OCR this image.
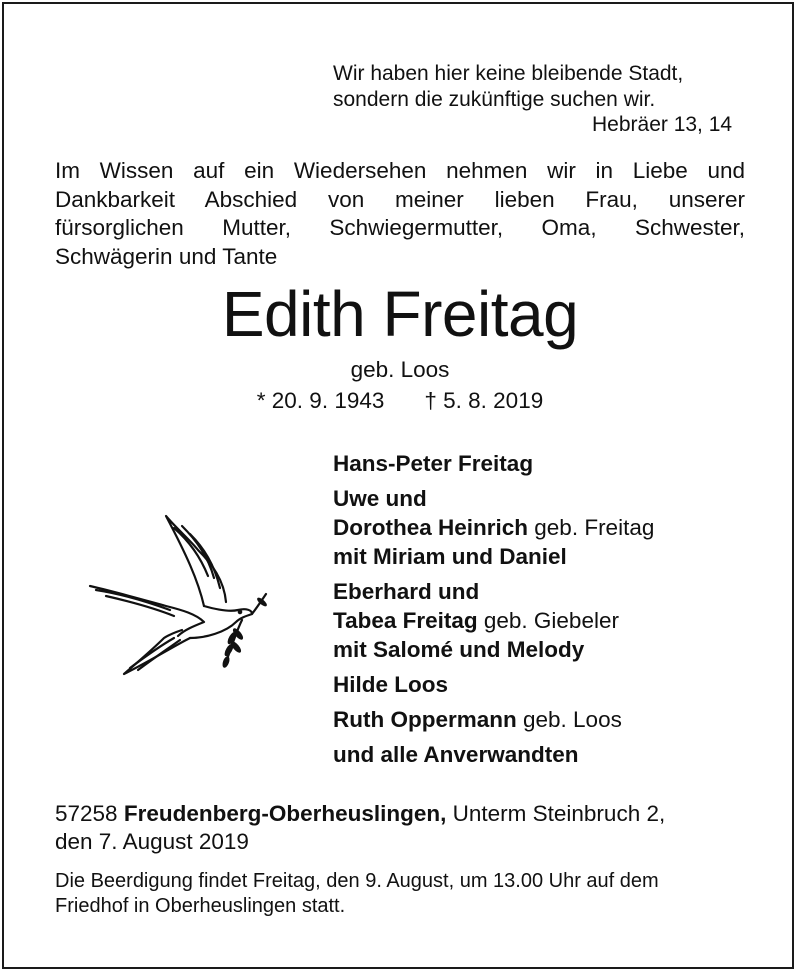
Wir haben hier keine bleibende Stadt,
sondern die zukünftige suchen wir.
Hebräer 13, 14
Im Wissen auf ein Wiedersehen nehmen wir in Liebe und
Dankbarkeit Abschied von meiner lieben Frau, unserer
fürsorglichen Mutter, Schwiegermutter, Oma, Schwester,
Schwägerin und Tante
Edith Freitag
geb. Loos
* 20. 9. 1943 † 5. 8. 2019
Hans-Peter Freitag
Uwe und
Dorothea Heinrich geb. Freitag
mit Miriam und Daniel
Eberhard und
Tabea Freitag geb. Giebeler
mit Salomé und Melody
Hilde Loos
Ruth Oppermann geb. Loos
und alle Anverwandten
57258 Freudenberg-Oberheuslingen, Unterm Steinbruch 2,
den 7. August 2019
Die Beerdigung findet Freitag, den 9. August, um 13.00 Uhr auf dem
Friedhof in Oberheuslingen statt.
